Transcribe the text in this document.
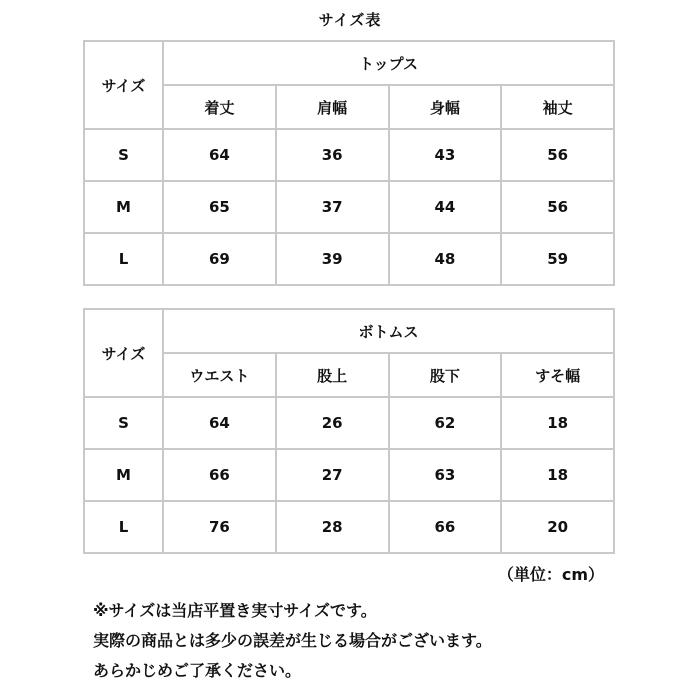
サイズ表
サイズ	トップス			
	着丈	肩幅	身幅	袖丈
S	64	36	43	56
M	65	37	44	56
L	69	39	48	59
サイズ	ボトムス			
	ウエスト	股上	股下	すそ幅
S	64	26	62	18
M	66	27	63	18
L	76	28	66	20
（単位：cm）
※サイズは当店平置き実寸サイズです。
実際の商品とは多少の誤差が生じる場合がございます。
あらかじめご了承ください。
